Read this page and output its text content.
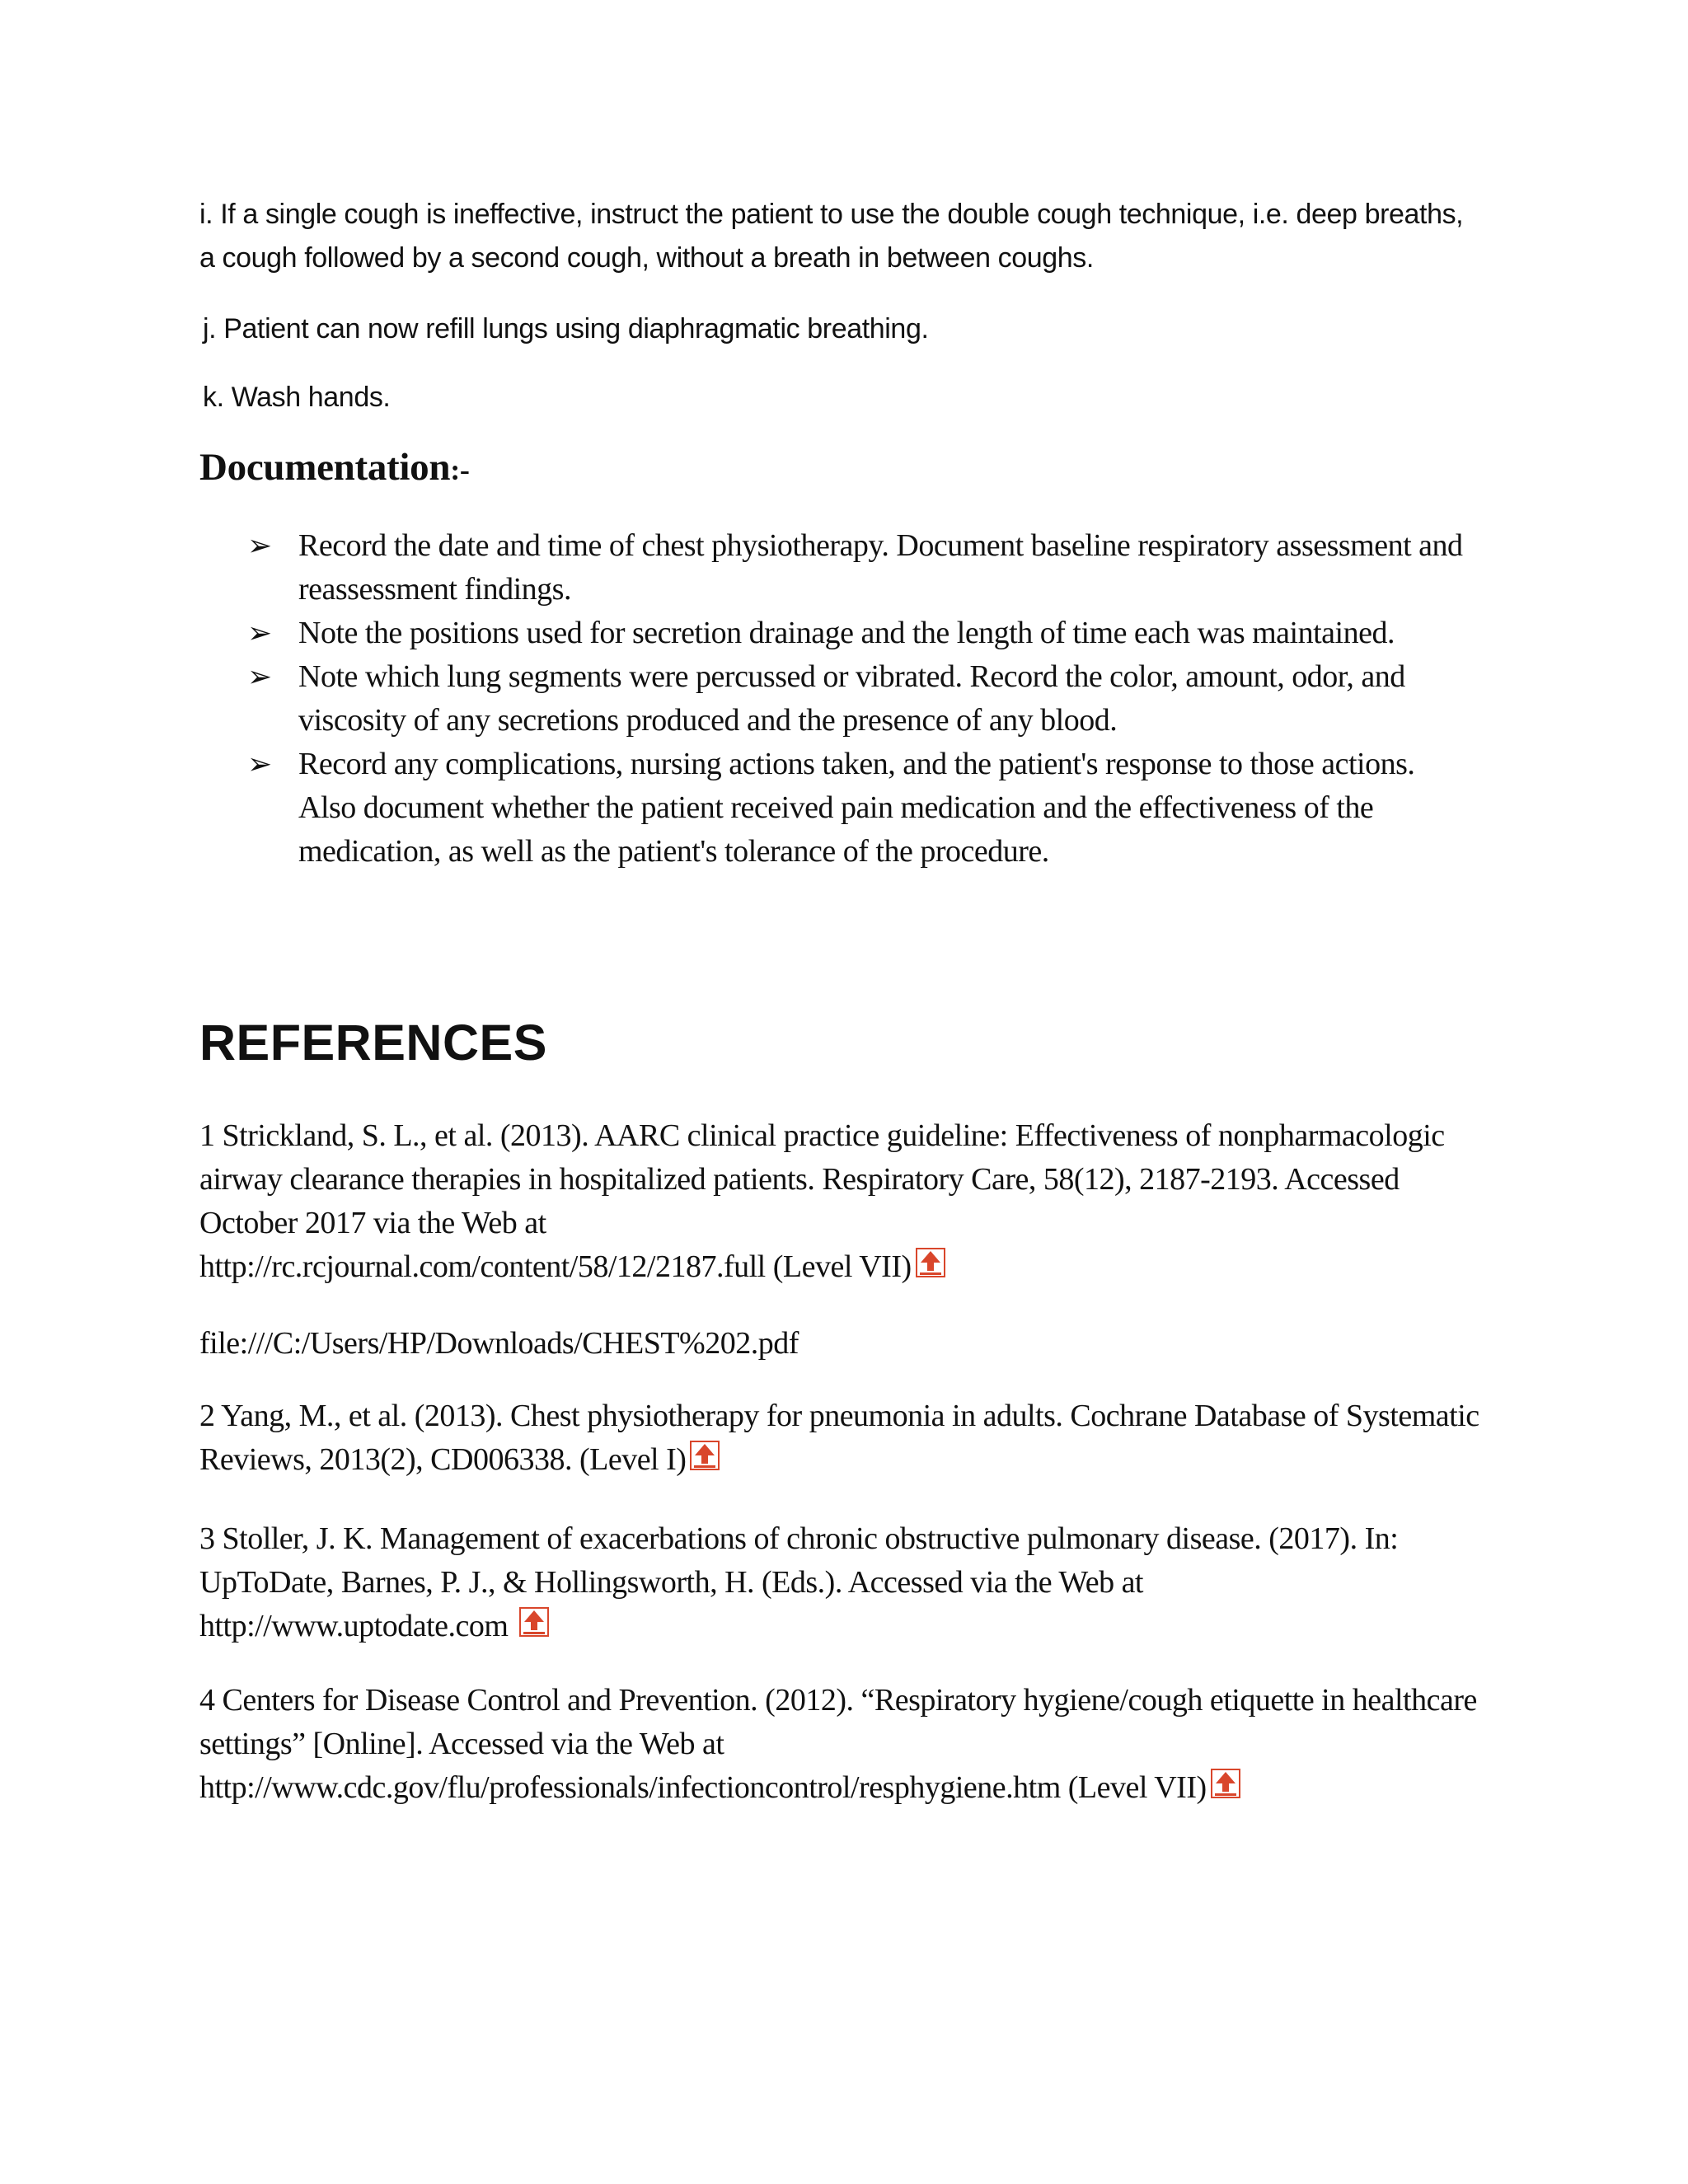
i. If a single cough is ineffective, instruct the patient to use the double cough technique, i.e. deep breaths, a cough followed by a second cough, without a breath in between coughs.
j. Patient can now refill lungs using diaphragmatic breathing.
k. Wash hands.
Documentation:-
➢ Record the date and time of chest physiotherapy. Document baseline respiratory assessment and reassessment findings.
➢ Note the positions used for secretion drainage and the length of time each was maintained.
➢ Note which lung segments were percussed or vibrated. Record the color, amount, odor, and viscosity of any secretions produced and the presence of any blood.
➢ Record any complications, nursing actions taken, and the patient's response to those actions. Also document whether the patient received pain medication and the effectiveness of the medication, as well as the patient's tolerance of the procedure.
REFERENCES
1 Strickland, S. L., et al. (2013). AARC clinical practice guideline: Effectiveness of nonpharmacologic airway clearance therapies in hospitalized patients. Respiratory Care, 58(12), 2187-2193. Accessed October 2017 via the Web at
http://rc.rcjournal.com/content/58/12/2187.full (Level VII)
file:///C:/Users/HP/Downloads/CHEST%202.pdf
2 Yang, M., et al. (2013). Chest physiotherapy for pneumonia in adults. Cochrane Database of Systematic Reviews, 2013(2), CD006338. (Level I)
3 Stoller, J. K. Management of exacerbations of chronic obstructive pulmonary disease. (2017). In: UpToDate, Barnes, P. J., & Hollingsworth, H. (Eds.). Accessed via the Web at
http://www.uptodate.com
4 Centers for Disease Control and Prevention. (2012). “Respiratory hygiene/cough etiquette in healthcare settings” [Online]. Accessed via the Web at
http://www.cdc.gov/flu/professionals/infectioncontrol/resphygiene.htm (Level VII)
